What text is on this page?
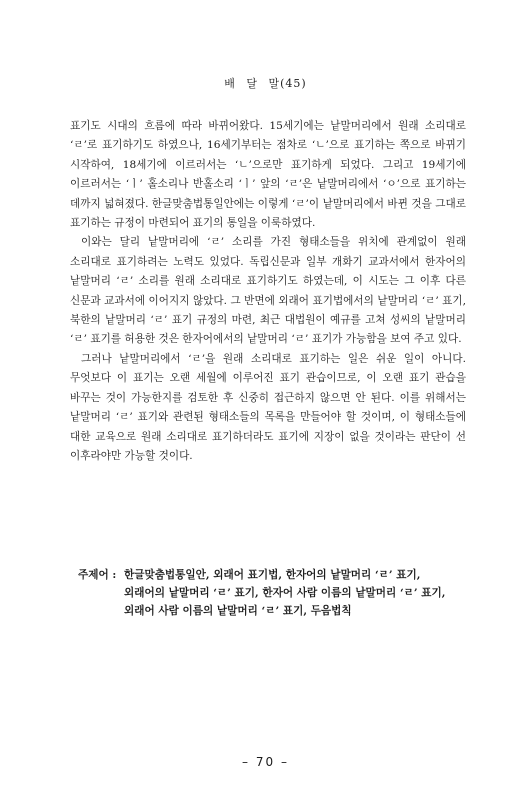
배 달 말(45)

표기도 시대의 흐름에 따라 바뀌어왔다. 15세기에는 낱말머리에서 원래 소리대로 ‘ㄹ’로 표기하기도 하였으나, 16세기부터는 점차로 ‘ㄴ’으로 표기하는 쪽으로 바뀌기 시작하여, 18세기에 이르러서는 ‘ㄴ’으로만 표기하게 되었다. 그리고 19세기에 이르러서는 ‘ㅣ’ 홀소리나 반홀소리 ‘ㅣ’ 앞의 ‘ㄹ’은 낱말머리에서 ‘ㅇ’으로 표기하는 데까지 넓혀졌다. 한글맞춤법통일안에는 이렇게 ‘ㄹ’이 낱말머리에서 바뀐 것을 그대로 표기하는 규정이 마련되어 표기의 통일을 이룩하였다.

이와는 달리 낱말머리에 ‘ㄹ’ 소리를 가진 형태소들을 위치에 관계없이 원래 소리대로 표기하려는 노력도 있었다. 독립신문과 일부 개화기 교과서에서 한자어의 낱말머리 ‘ㄹ’ 소리를 원래 소리대로 표기하기도 하였는데, 이 시도는 그 이후 다른 신문과 교과서에 이어지지 않았다. 그 반면에 외래어 표기법에서의 낱말머리 ‘ㄹ’ 표기, 북한의 낱말머리 ‘ㄹ’ 표기 규정의 마련, 최근 대법원이 예규를 고쳐 성씨의 낱말머리 ‘ㄹ’ 표기를 허용한 것은 한자어에서의 낱말머리 ‘ㄹ’ 표기가 가능함을 보여 주고 있다.

그러나 낱말머리에서 ‘ㄹ’을 원래 소리대로 표기하는 일은 쉬운 일이 아니다. 무엇보다 이 표기는 오랜 세월에 이루어진 표기 관습이므로, 이 오랜 표기 관습을 바꾸는 것이 가능한지를 검토한 후 신중히 접근하지 않으면 안 된다. 이를 위해서는 낱말머리 ‘ㄹ’ 표기와 관련된 형태소들의 목록을 만들어야 할 것이며, 이 형태소들에 대한 교육으로 원래 소리대로 표기하더라도 표기에 지장이 없을 것이라는 판단이 선 이후라야만 가능할 것이다.

주제어 : 한글맞춤법통일안, 외래어 표기법, 한자어의 낱말머리 ‘ㄹ’ 표기,
외래어의 낱말머리 ‘ㄹ’ 표기, 한자어 사람 이름의 낱말머리 ‘ㄹ’ 표기,
외래어 사람 이름의 낱말머리 ‘ㄹ’ 표기, 두음법칙
– 70 –
